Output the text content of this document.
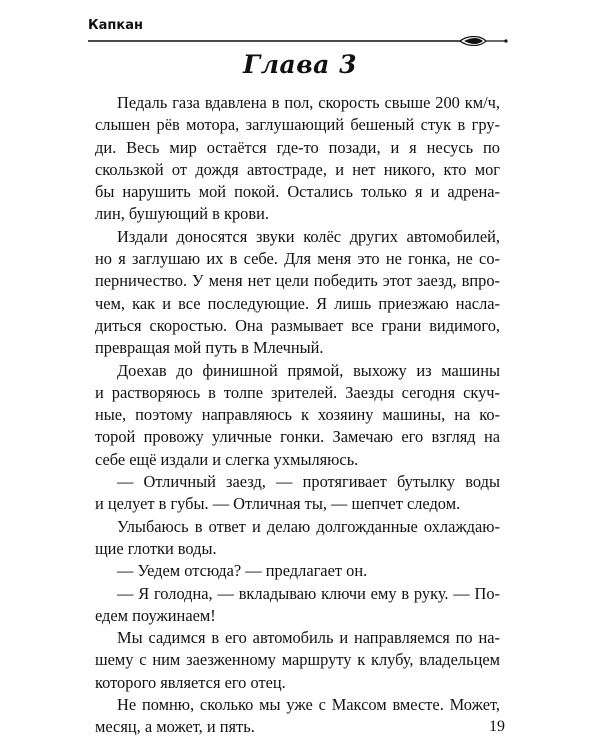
Капкан
Глава 3
Педаль газа вдавлена в пол, скорость свыше 200 км/ч,
слышен рёв мотора, заглушающий бешеный стук в гру-
ди. Весь мир остаётся где-то позади, и я несусь по
скользкой от дождя автостраде, и нет никого, кто мог
бы нарушить мой покой. Остались только я и адрена-
лин, бушующий в крови.
Издали доносятся звуки колёс других автомобилей,
но я заглушаю их в себе. Для меня это не гонка, не со-
перничество. У меня нет цели победить этот заезд, впро-
чем, как и все последующие. Я лишь приезжаю насла-
диться скоростью. Она размывает все грани видимого,
превращая мой путь в Млечный.
Доехав до финишной прямой, выхожу из машины
и растворяюсь в толпе зрителей. Заезды сегодня скуч-
ные, поэтому направляюсь к хозяину машины, на ко-
торой провожу уличные гонки. Замечаю его взгляд на
себе ещё издали и слегка ухмыляюсь.
— Отличный заезд, — протягивает бутылку воды
и целует в губы. — Отличная ты, — шепчет следом.
Улыбаюсь в ответ и делаю долгожданные охлаждаю-
щие глотки воды.
— Уедем отсюда? — предлагает он.
— Я голодна, — вкладываю ключи ему в руку. — По-
едем поужинаем!
Мы садимся в его автомобиль и направляемся по на-
шему с ним заезженному маршруту к клубу, владельцем
которого является его отец.
Не помню, сколько мы уже с Максом вместе. Может,
месяц, а может, и пять.	19
